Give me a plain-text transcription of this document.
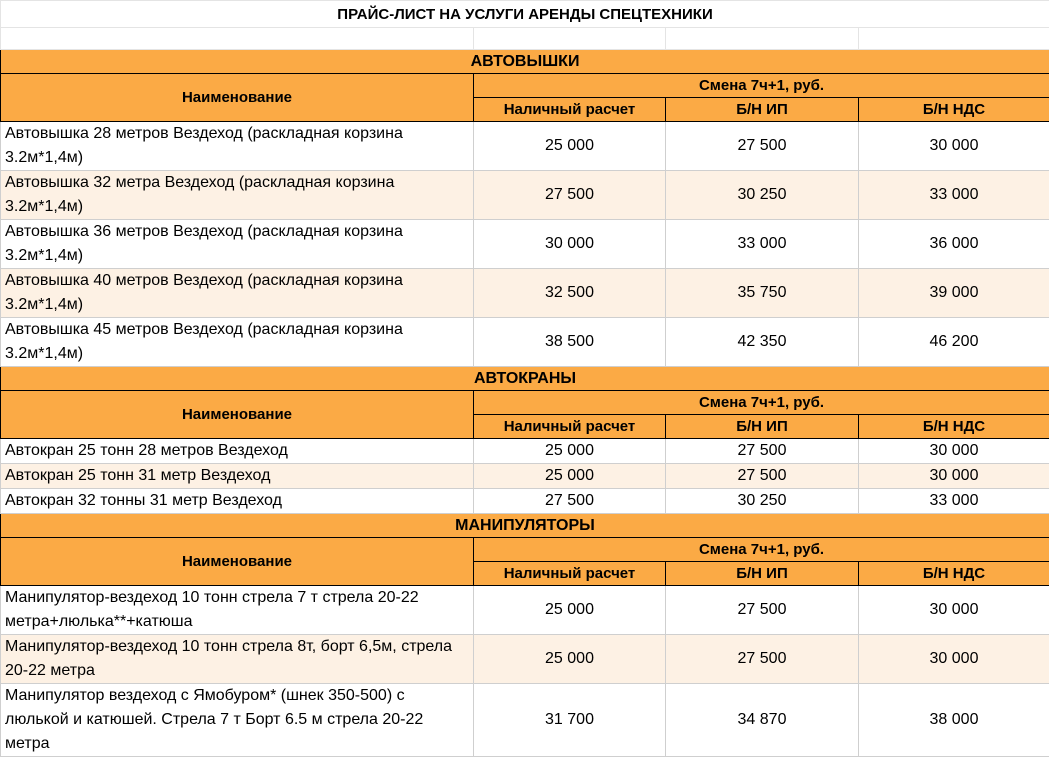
ПРАЙС-ЛИСТ НА УСЛУГИ АРЕНДЫ СПЕЦТЕХНИКИ			

АВТОВЫШКИ			
Наименование	Смена 7ч+1, руб.		
	Наличный расчет	Б/Н ИП	Б/Н НДС
Автовышка 28 метров Вездеход (раскладная корзина 3.2м*1,4м)	25 000	27 500	30 000
Автовышка 32 метра Вездеход (раскладная корзина 3.2м*1,4м)	27 500	30 250	33 000
Автовышка 36 метров Вездеход (раскладная корзина 3.2м*1,4м)	30 000	33 000	36 000
Автовышка 40 метров Вездеход (раскладная корзина 3.2м*1,4м)	32 500	35 750	39 000
Автовышка 45 метров Вездеход (раскладная корзина 3.2м*1,4м)	38 500	42 350	46 200
АВТОКРАНЫ			
Наименование	Смена 7ч+1, руб.		
	Наличный расчет	Б/Н ИП	Б/Н НДС
Автокран 25 тонн 28 метров Вездеход	25 000	27 500	30 000
Автокран 25 тонн 31 метр Вездеход	25 000	27 500	30 000
Автокран 32 тонны 31 метр Вездеход	27 500	30 250	33 000
МАНИПУЛЯТОРЫ			
Наименование	Смена 7ч+1, руб.		
	Наличный расчет	Б/Н ИП	Б/Н НДС
Манипулятор-вездеход 10 тонн стрела 7 т стрела 20-22 метра+люлька**+катюша	25 000	27 500	30 000
Манипулятор-вездеход 10 тонн стрела 8т, борт 6,5м, стрела 20-22 метра	25 000	27 500	30 000
Манипулятор вездеход с Ямобуром* (шнек 350-500) с люлькой и катюшей. Стрела 7 т Борт 6.5 м стрела 20-22 метра	31 700	34 870	38 000
